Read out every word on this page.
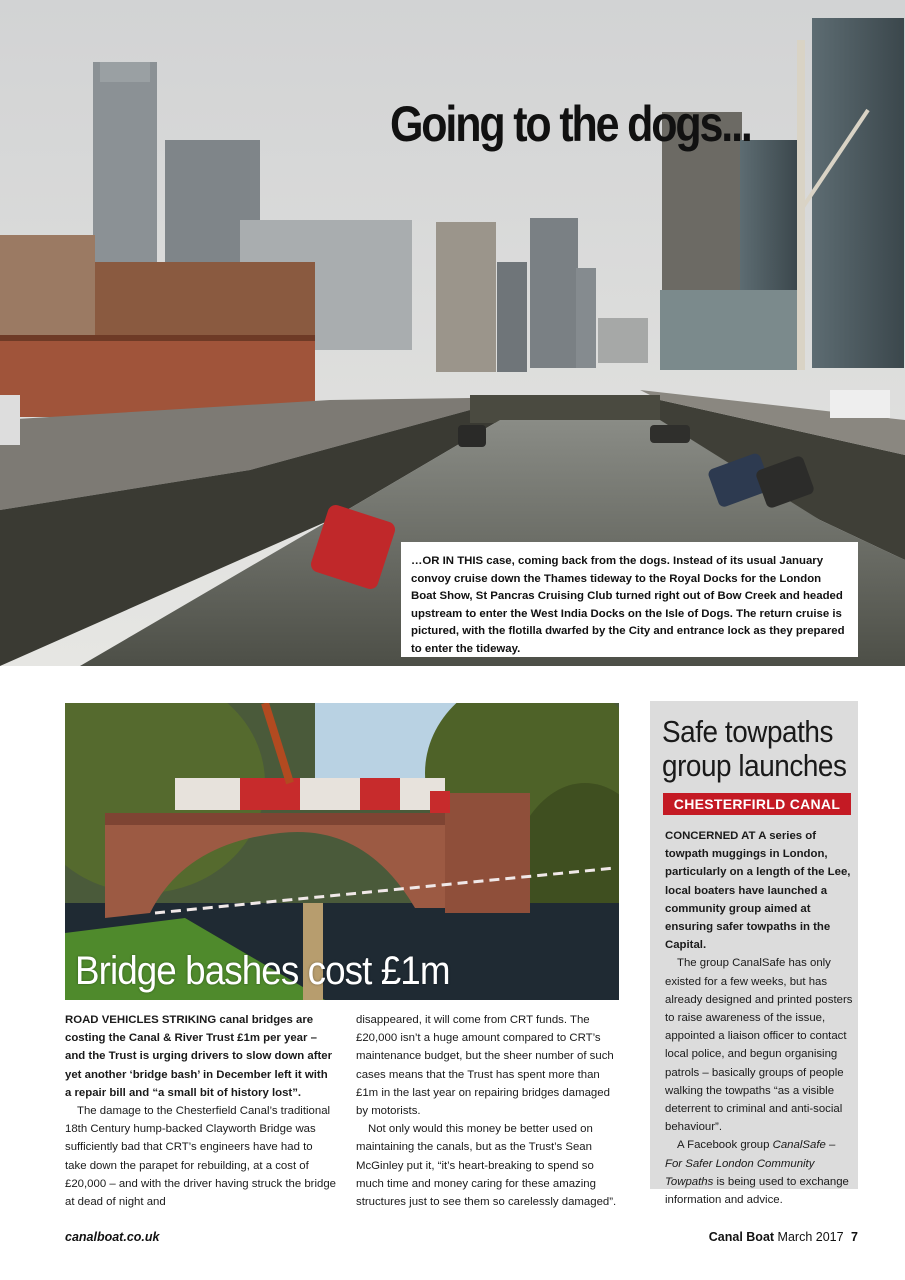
Going to the dogs...
…OR IN THIS case, coming back from the dogs. Instead of its usual January convoy cruise down the Thames tideway to the Royal Docks for the London Boat Show, St Pancras Cruising Club turned right out of Bow Creek and headed upstream to enter the West India Docks on the Isle of Dogs. The return cruise is pictured, with the flotilla dwarfed by the City and entrance lock as they prepared to enter the tideway.
Bridge bashes cost £1m

ROAD VEHICLES STRIKING canal bridges are costing the Canal & River Trust £1m per year – and the Trust is urging drivers to slow down after yet another ‘bridge bash’ in December left it with a repair bill and “a small bit of history lost”.

The damage to the Chesterfield Canal’s traditional 18th Century hump-backed Clayworth Bridge was sufficiently bad that CRT’s engineers have had to take down the parapet for rebuilding, at a cost of £20,000 – and with the driver having struck the bridge at dead of night and

disappeared, it will come from CRT funds. The £20,000 isn’t a huge amount compared to CRT’s maintenance budget, but the sheer number of such cases means that the Trust has spent more than £1m in the last year on repairing bridges damaged by motorists.

Not only would this money be better used on maintaining the canals, but as the Trust’s Sean McGinley put it, “it’s heart-breaking to spend so much time and money caring for these amazing structures just to see them so carelessly damaged”.

Safe towpaths group launches
CHESTERFIRLD CANAL

CONCERNED AT A series of towpath muggings in London, particularly on a length of the Lee, local boaters have launched a community group aimed at ensuring safer towpaths in the Capital.

The group CanalSafe has only existed for a few weeks, but has already designed and printed posters to raise awareness of the issue, appointed a liaison officer to contact local police, and begun organising patrols – basically groups of people walking the towpaths “as a visible deterrent to criminal and anti-social behaviour”.

A Facebook group CanalSafe – For Safer London Community Towpaths is being used to exchange information and advice.

canalboat.co.uk	Canal Boat March 2017 7
